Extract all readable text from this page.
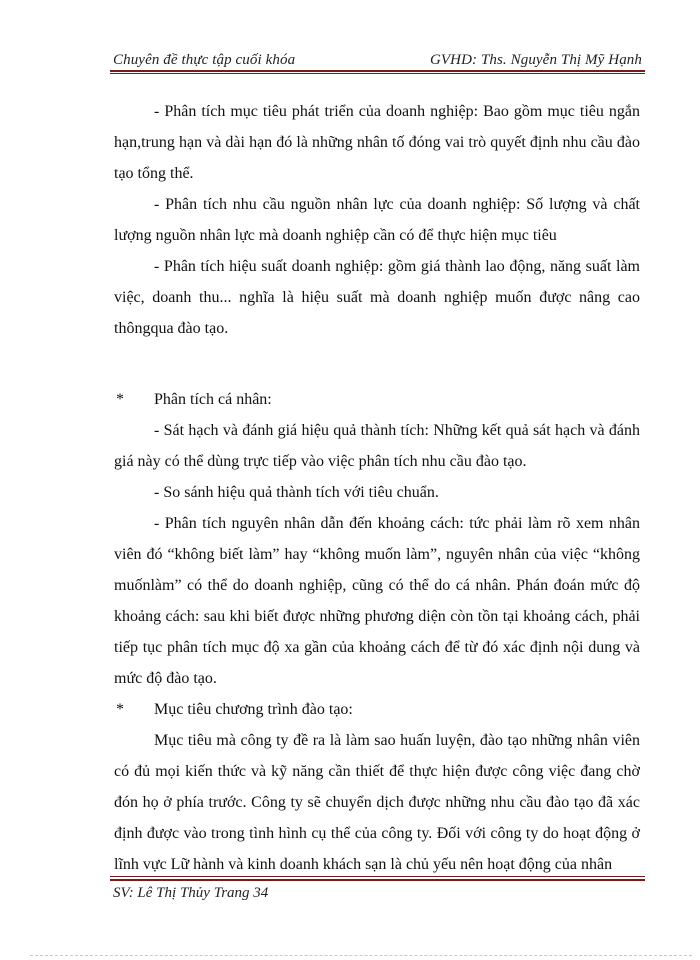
Chuyên đề thực tập cuối khóa	GVHD: Ths. Nguyễn Thị Mỹ Hạnh

- Phân tích mục tiêu phát triển của doanh nghiệp: Bao gồm mục tiêu ngắn hạn,trung hạn và dài hạn đó là những nhân tố đóng vai trò quyết định nhu cầu đào tạo tổng thể.

- Phân tích nhu cầu nguồn nhân lực của doanh nghiệp: Số lượng và chất lượng nguồn nhân lực mà doanh nghiệp cần có để thực hiện mục tiêu

- Phân tích hiệu suất doanh nghiệp: gồm giá thành lao động, năng suất làm việc, doanh thu... nghĩa là hiệu suất mà doanh nghiệp muốn được nâng cao thôngqua đào tạo.

*	Phân tích cá nhân:

- Sát hạch và đánh giá hiệu quả thành tích: Những kết quả sát hạch và đánh giá này có thể dùng trực tiếp vào việc phân tích nhu cầu đào tạo.

- So sánh hiệu quả thành tích với tiêu chuẩn.

- Phân tích nguyên nhân dẫn đến khoảng cách: tức phải làm rõ xem nhân viên đó “không biết làm” hay “không muốn làm”, nguyên nhân của việc “không muốnlàm” có thể do doanh nghiệp, cũng có thể do cá nhân. Phán đoán mức độ khoảng cách: sau khi biết được những phương diện còn tồn tại khoảng cách, phải tiếp tục phân tích mục độ xa gần của khoảng cách để từ đó xác định nội dung và mức độ đào tạo.

*	Mục tiêu chương trình đào tạo:

Mục tiêu mà công ty đề ra là làm sao huấn luyện, đào tạo những nhân viên có đủ mọi kiến thức và kỹ năng cần thiết để thực hiện được công việc đang chờ đón họ ở phía trước. Công ty sẽ chuyển dịch được những nhu cầu đào tạo đã xác định được vào trong tình hình cụ thể của công ty. Đối với công ty do hoạt động ở lĩnh vực Lữ hành và kinh doanh khách sạn là chủ yếu nên hoạt động của nhân

SV: Lê Thị Thủy Trang 34
